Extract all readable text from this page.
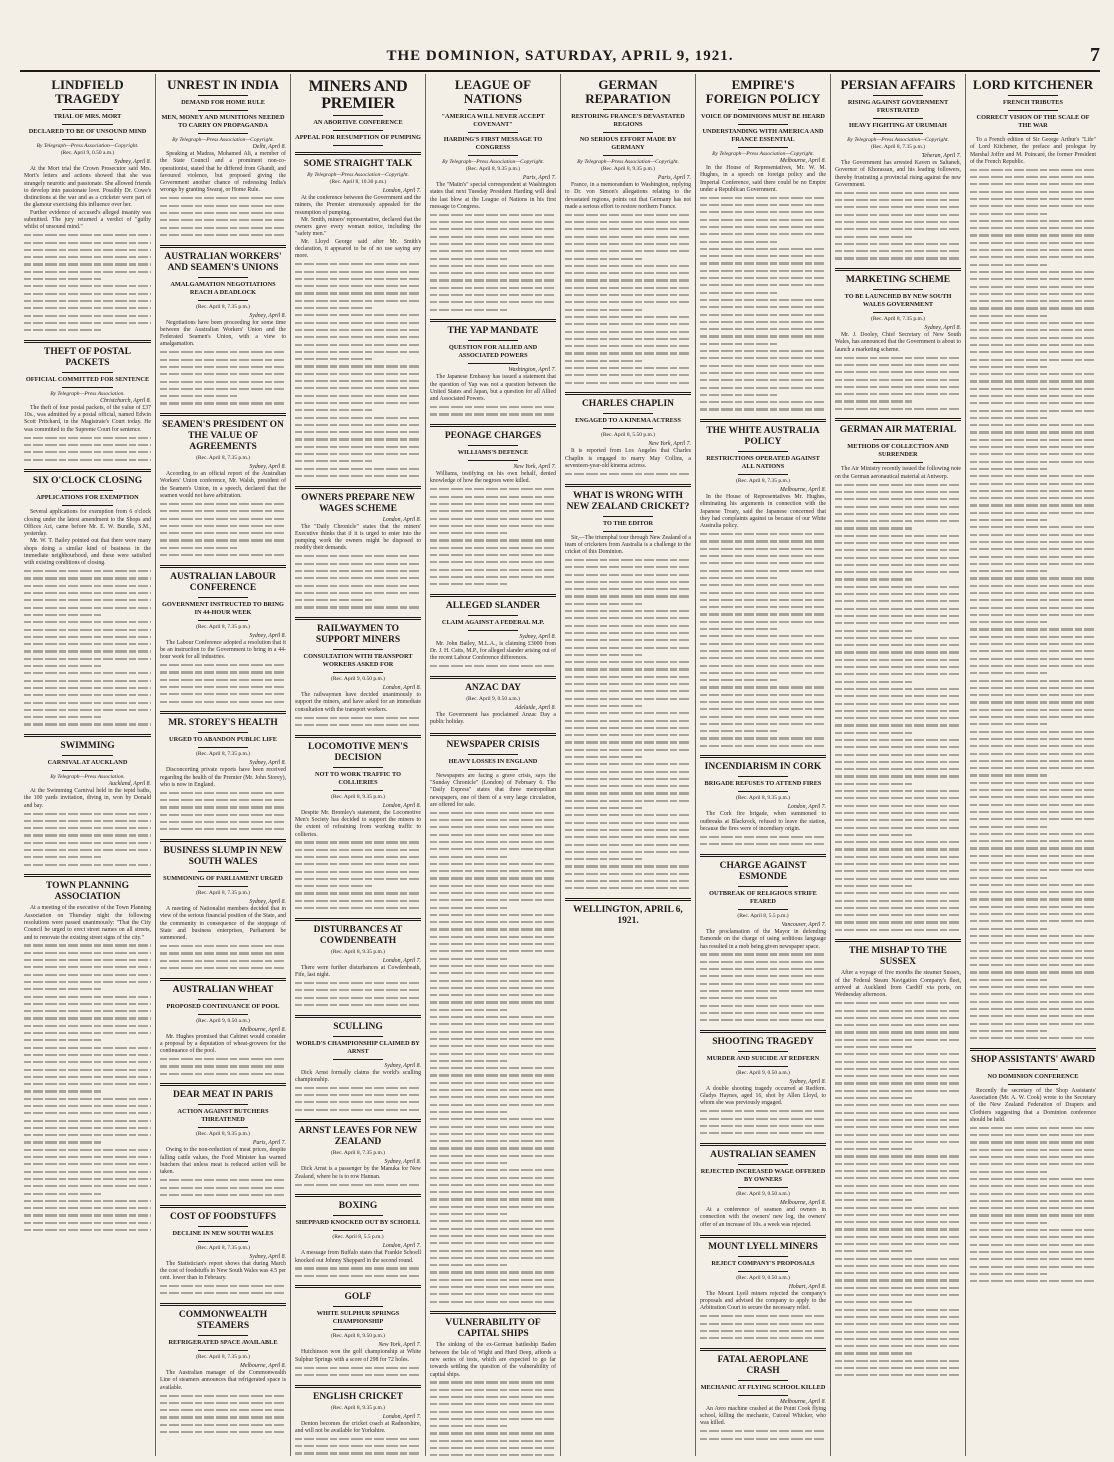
THE DOMINION, SATURDAY, APRIL 9, 1921.	7
LINDFIELD TRAGEDY
TRIAL OF MRS. MORT
DECLARED TO BE OF UNSOUND MIND
By Telegraph—Press Association—Copyright.
(Rec. April 9, 0.50 a.m.)
Sydney, April 8.

At the Mort trial the Crown Prosecutor said Mrs. Mort's letters and actions showed that she was strangely neurotic and passionate. She allowed friends to develop into passionate love. Possibly Dr. Cowe's distinctions at the war and as a cricketer were part of the glamour exercising this influence over her.

Further evidence of accused's alleged insanity was submitted. The jury returned a verdict of "guilty whilst of unsound mind."

THEFT OF POSTAL PACKETS
OFFICIAL COMMITTED FOR SENTENCE
By Telegraph—Press Association.
Christchurch, April 8.

The theft of four postal packets, of the value of £37 10s., was admitted by a postal official, named Edwin Scott Pritchard, in the Magistrate's Court today. He was committed to the Supreme Court for sentence.

SIX O'CLOCK CLOSING
APPLICATIONS FOR EXEMPTION

Several applications for exemption from 6 o'clock closing under the latest amendment to the Shops and Offices Act, came before Mr. E. W. Bundle, S.M., yesterday.

Mr. W. T. Bailey pointed out that there were many shops doing a similar kind of business in the immediate neighbourhood, and these were satisfied with existing conditions of closing.

SWIMMING
CARNIVAL AT AUCKLAND
By Telegraph—Press Association.
Auckland, April 8.

At the Swimming Carnival held in the tepid baths, the 100 yards invitation, diving in, won by Donald and bay.

TOWN PLANNING ASSOCIATION

At a meeting of the executive of the Town Planning Association on Thursday night the following resolutions were passed unanimously: "That the City Council be urged to erect street names on all streets, and to renovate the existing street signs of the city."

UNREST IN INDIA
DEMAND FOR HOME RULE
MEN, MONEY AND MUNITIONS NEEDED TO CARRY ON PROPAGANDA
By Telegraph—Press Association—Copyright.
Delhi, April 8.

Speaking at Madras, Mohamed Ali, a member of the State Council and a prominent non-co-operationist, stated that he differed from Ghandi, and favoured violence, but proposed giving the Government another chance of redressing India's wrongs by granting Swaraj, or Home Rule.

AUSTRALIAN WORKERS' AND SEAMEN'S UNIONS
AMALGAMATION NEGOTIATIONS REACH A DEADLOCK
(Rec. April 8, 7.35 p.m.)
Sydney, April 8.

Negotiations have been proceeding for some time between the Australian Workers' Union and the Federated Seamen's Union, with a view to amalgamation.

SEAMEN'S PRESIDENT ON THE VALUE OF AGREEMENTS
(Rec. April 8, 7.35 p.m.)
Sydney, April 8.

According to an official report of the Australian Workers' Union conference, Mr. Walsh, president of the Seamen's Union, in a speech, declared that the seamen would not have arbitration.

AUSTRALIAN LABOUR CONFERENCE
GOVERNMENT INSTRUCTED TO BRING IN 44-HOUR WEEK
(Rec. April 8, 7.35 p.m.)
Sydney, April 8.

The Labour Conference adopted a resolution that it be an instruction to the Government to bring in a 44-hour week for all industries.

MR. STOREY'S HEALTH
URGED TO ABANDON PUBLIC LIFE
(Rec. April 8, 7.35 p.m.)
Sydney, April 8.

Disconcerting private reports have been received regarding the health of the Premier (Mr. John Storey), who is now in England.

BUSINESS SLUMP IN NEW SOUTH WALES
SUMMONING OF PARLIAMENT URGED
(Rec. April 8, 7.35 p.m.)
Sydney, April 8.

A meeting of Nationalist members decided that in view of the serious financial position of the State, and the community in consequence of the stoppage of State and business enterprises, Parliament be summoned.

AUSTRALIAN WHEAT
PROPOSED CONTINUANCE OF POOL
(Rec. April 9, 0.50 a.m.)
Melbourne, April 8.

Mr. Hughes promised that Cabinet would consider a proposal by a deputation of wheat-growers for the continuance of the pool.

DEAR MEAT IN PARIS
ACTION AGAINST BUTCHERS THREATENED
(Rec. April 8, 9.35 p.m.)
Paris, April 7.

Owing to the non-reduction of meat prices, despite falling cattle values, the Food Minister has warned butchers that unless meat is reduced action will be taken.

COST OF FOODSTUFFS
DECLINE IN NEW SOUTH WALES
(Rec. April 8, 7.35 p.m.)
Sydney, April 8.

The Statistician's report shows that during March the cost of foodstuffs in New South Wales was 4.5 per cent. lower than in February.

COMMONWEALTH STEAMERS
REFRIGERATED SPACE AVAILABLE
(Rec. April 8, 7.35 p.m.)
Melbourne, April 8.

The Australian manager of the Commonwealth Line of steamers announces that refrigerated space is available.

MINERS AND PREMIER
AN ABORTIVE CONFERENCE
APPEAL FOR RESUMPTION OF PUMPING
SOME STRAIGHT TALK
By Telegraph—Press Association—Copyright.
(Rec. April 8, 10.30 p.m.)
London, April 7.

At the conference between the Government and the miners, the Premier strenuously appealed for the resumption of pumping.

Mr. Smith, miners' representative, declared that the owners gave every woman notice, including the "safety men."

Mr. Lloyd George said after Mr. Smith's declaration, it appeared to be of no use saying any more.

OWNERS PREPARE NEW WAGES SCHEME
London, April 8.

The "Daily Chronicle" states that the miners' Executive thinks that if it is urged to enter into the pumping work the owners might be disposed to modify their demands.

RAILWAYMEN TO SUPPORT MINERS
CONSULTATION WITH TRANSPORT WORKERS ASKED FOR
(Rec. April 9, 0.50 p.m.)
London, April 8.

The railwaymen have decided unanimously to support the miners, and have asked for an immediate consultation with the transport workers.

LOCOMOTIVE MEN'S DECISION
NOT TO WORK TRAFFIC TO COLLIERIES
(Rec. April 8, 9.35 p.m.)
London, April 8.

Despite Mr. Bromley's statement, the Locomotive Men's Society has decided to support the miners to the extent of refraining from working traffic to collieries.

DISTURBANCES AT COWDENBEATH
(Rec. April 8, 9.35 p.m.)
London, April 7.

There were further disturbances at Cowdenbeath, Fife, last night.

SCULLING
WORLD'S CHAMPIONSHIP CLAIMED BY ARNST
Sydney, April 8.

Dick Arnst formally claims the world's sculling championship.

ARNST LEAVES FOR NEW ZEALAND
(Rec. April 8, 7.35 p.m.)
Sydney, April 8.

Dick Arnst is a passenger by the Manuka for New Zealand, where he is to row Hannan.

BOXING
SHEPPARD KNOCKED OUT BY SCHOELL
(Rec. April 8, 5.5 p.m.)
London, April 7.

A message from Buffalo states that Frankie Schoell knocked out Johnny Sheppard in the second round.

GOLF
WHITE SULPHUR SPRINGS CHAMPIONSHIP
(Rec. April 8, 9.50 p.m.)
New York, April 7.

Hutchinson won the golf championship at White Sulphur Springs with a score of 298 for 72 holes.

ENGLISH CRICKET
(Rec. April 8, 9.35 p.m.)
London, April 7.

Denton becomes the cricket coach at Radnorshire, and will not be available for Yorkshire.

LEAGUE OF NATIONS
"AMERICA WILL NEVER ACCEPT COVENANT"
HARDING'S FIRST MESSAGE TO CONGRESS
By Telegraph—Press Association—Copyright.
(Rec. April 8, 9.35 p.m.)
Paris, April 7.

The "Matin's" special correspondent at Washington states that next Tuesday President Harding will deal the last blow at the League of Nations in his first message to Congress.

THE YAP MANDATE
QUESTION FOR ALLIED AND ASSOCIATED POWERS
Washington, April 7.

The Japanese Embassy has issued a statement that the question of Yap was not a question between the United States and Japan, but a question for all Allied and Associated Powers.

PEONAGE CHARGES
WILLIAMS'S DEFENCE
New York, April 7.

Williams, testifying on his own behalf, denied knowledge of how the negroes were killed.

ALLEGED SLANDER
CLAIM AGAINST A FEDERAL M.P.
Sydney, April 8.

Mr. John Bailey, M.L.A., is claiming £3000 from Dr. J. H. Catts, M.P., for alleged slander arising out of the recent Labour Conference differences.

ANZAC DAY
(Rec. April 9, 0.50 a.m.)
Adelaide, April 8.

The Government has proclaimed Anzac Day a public holiday.

NEWSPAPER CRISIS
HEAVY LOSSES IN ENGLAND

Newspapers are facing a grave crisis, says the "Sunday Chronicle" (London) of February 6. The "Daily Express" states that three metropolitan newspapers, one of them of a very large circulation, are offered for sale.

VULNERABILITY OF CAPITAL SHIPS

The sinking of the ex-German battleship Baden between the Isle of Wight and Hurd Deep, affords a new series of tests, which are expected to go far towards settling the question of the vulnerability of capital ships.

GERMAN REPARATION
RESTORING FRANCE'S DEVASTATED REGIONS
NO SERIOUS EFFORT MADE BY GERMANY
By Telegraph—Press Association—Copyright.
(Rec. April 8, 9.35 p.m.)
Paris, April 7.

France, in a memorandum to Washington, replying to Dr. von Simon's allegations relating to the devastated regions, points out that Germany has not made a serious effort to restore northern France.

CHARLES CHAPLIN
ENGAGED TO A KINEMA ACTRESS
(Rec. April 8, 5.50 p.m.)
New York, April 7.

It is reported from Los Angeles that Charles Chaplin is engaged to marry May Collins, a seventeen-year-old kinema actress.

WHAT IS WRONG WITH NEW ZEALAND CRICKET?
TO THE EDITOR

Sir,—The triumphal tour through New Zealand of a team of cricketers from Australia is a challenge to the cricket of this Dominion.

WELLINGTON, APRIL 6, 1921.
EMPIRE'S FOREIGN POLICY
VOICE OF DOMINIONS MUST BE HEARD
UNDERSTANDING WITH AMERICA AND FRANCE ESSENTIAL
By Telegraph—Press Association—Copyright.
Melbourne, April 8.

In the House of Representatives, Mr. W. M. Hughes, in a speech on foreign policy and the Imperial Conference, said there could be no Empire under a Republican Government.

THE WHITE AUSTRALIA POLICY
RESTRICTIONS OPERATED AGAINST ALL NATIONS
(Rec. April 8, 7.35 p.m.)
Melbourne, April 8.

In the House of Representatives Mr. Hughes, eliminating his arguments in connection with the Japanese Treaty, said the Japanese concerned that they had complaints against us because of our White Australia policy.

INCENDIARISM IN CORK
BRIGADE REFUSES TO ATTEND FIRES
(Rec. April 8, 9.35 p.m.)
London, April 7.

The Cork fire brigade, when summoned to outbreaks at Blackrock, refused to leave the station, because the fires were of incendiary origin.

CHARGE AGAINST ESMONDE
OUTBREAK OF RELIGIOUS STRIFE FEARED
(Rec. April 8, 5.5 p.m.)
Vancouver, April 7.

The proclamation of the Mayor in defending Esmonde on the charge of using seditious language has resulted in a mob being given newspaper space.

SHOOTING TRAGEDY
MURDER AND SUICIDE AT REDFERN
(Rec. April 9, 0.50 a.m.)
Sydney, April 8.

A double shooting tragedy occurred at Redfern. Gladys Haynes, aged 16, shot by Allen Lloyd, to whom she was previously engaged.

AUSTRALIAN SEAMEN
REJECTED INCREASED WAGE OFFERED BY OWNERS
(Rec. April 9, 0.50 a.m.)
Melbourne, April 8.

At a conference of seamen and owners in connection with the owners' new log, the owners' offer of an increase of 10s. a week was rejected.

MOUNT LYELL MINERS
REJECT COMPANY'S PROPOSALS
(Rec. April 9, 0.50 a.m.)
Hobart, April 8.

The Mount Lyell miners rejected the company's proposals and advised the company to apply to the Arbitration Court to secure the necessary relief.

FATAL AEROPLANE CRASH
MECHANIC AT FLYING SCHOOL KILLED
Melbourne, April 8.

An Avro machine crashed at the Point Cook flying school, killing the mechanic, Cutoral Whicker, who was killed.

PERSIAN AFFAIRS
RISING AGAINST GOVERNMENT FRUSTRATED
HEAVY FIGHTING AT URUMIAH
By Telegraph—Press Association—Copyright.
(Rec. April 8, 7.35 p.m.)
Teheran, April 7.

The Government has arrested Kaven es Saltaneh, Governor of Khorassan, and his leading followers, thereby frustrating a provincial rising against the new Government.

MARKETING SCHEME
TO BE LAUNCHED BY NEW SOUTH WALES GOVERNMENT
(Rec. April 8, 7.35 p.m.)
Sydney, April 8.

Mr. J. Dooley, Chief Secretary of New South Wales, has announced that the Government is about to launch a marketing scheme.

GERMAN AIR MATERIAL
METHODS OF COLLECTION AND SURRENDER

The Air Ministry recently issued the following note on the German aeronautical material at Antwerp.

THE MISHAP TO THE SUSSEX

After a voyage of five months the steamer Sussex, of the Federal Steam Navigation Company's fleet, arrived at Auckland from Cardiff via ports, on Wednesday afternoon.

LORD KITCHENER
FRENCH TRIBUTES
CORRECT VISION OF THE SCALE OF THE WAR

To a French edition of Sir George Arthur's "Life" of Lord Kitchener, the preface and prologue by Marshal Joffre and M. Poincaré, the former President of the French Republic.

SHOP ASSISTANTS' AWARD
NO DOMINION CONFERENCE

Recently the secretary of the Shop Assistants' Association (Mr. A. W. Cook) wrote to the Secretary of the New Zealand Federation of Drapers and Clothiers suggesting that a Dominion conference should be held.
